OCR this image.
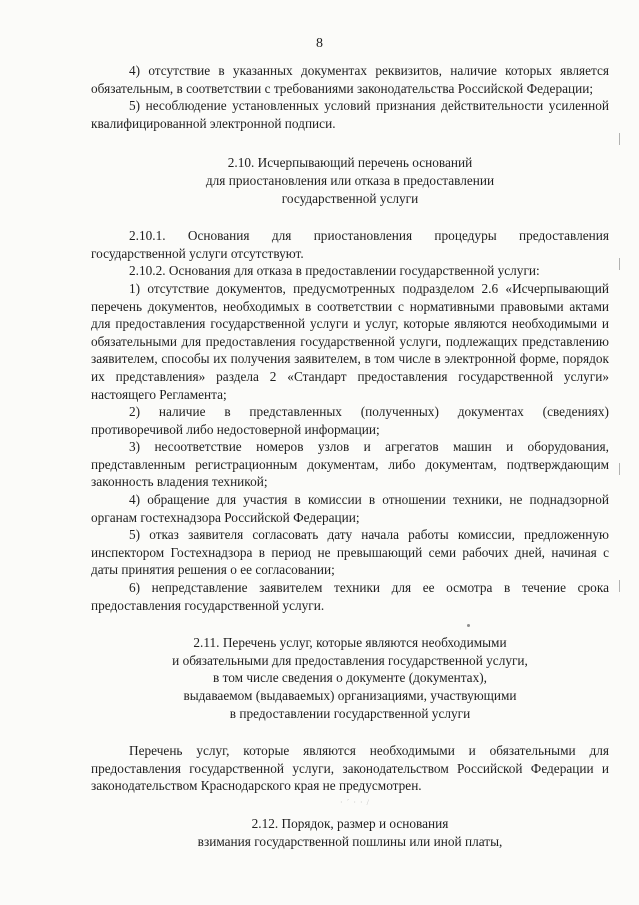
8

4) отсутствие в указанных документах реквизитов, наличие которых является обязательным, в соответствии с требованиями законодательства Российской Федерации;

5) несоблюдение установленных условий признания действительности усиленной квалифицированной электронной подписи.

2.10. Исчерпывающий перечень оснований

для приостановления или отказа в предоставлении

государственной услуги

2.10.1. Основания для приостановления процедуры предоставления государственной услуги отсутствуют.

2.10.2. Основания для отказа в предоставлении государственной услуги:

1) отсутствие документов, предусмотренных подразделом 2.6 «Исчерпывающий перечень документов, необходимых в соответствии с нормативными правовыми актами для предоставления государственной услуги и услуг, которые являются необходимыми и обязательными для предоставления государственной услуги, подлежащих представлению заявителем, способы их получения заявителем, в том числе в электронной форме, порядок их представления» раздела 2 «Стандарт предоставления государственной услуги» настоящего Регламента;

2) наличие в представленных (полученных) документах (сведениях) противоречивой либо недостоверной информации;

3) несоответствие номеров узлов и агрегатов машин и оборудования, представленным регистрационным документам, либо документам, подтверждающим законность владения техникой;

4) обращение для участия в комиссии в отношении техники, не поднадзорной органам гостехнадзора Российской Федерации;

5) отказ заявителя согласовать дату начала работы комиссии, предложенную инспектором Гостехнадзора в период не превышающий семи рабочих дней, начиная с даты принятия решения о ее согласовании;

6) непредставление заявителем техники для ее осмотра в течение срока предоставления государственной услуги.

2.11. Перечень услуг, которые являются необходимыми

и обязательными для предоставления государственной услуги,

в том числе сведения о документе (документах),

выдаваемом (выдаваемых) организациями, участвующими

в предоставлении государственной услуги

Перечень услуг, которые являются необходимыми и обязательными для предоставления государственной услуги, законодательством Российской Федерации и законодательством Краснодарского края не предусмотрен.

2.12. Порядок, размер и основания

взимания государственной пошлины или иной платы,

· ´ · · /
